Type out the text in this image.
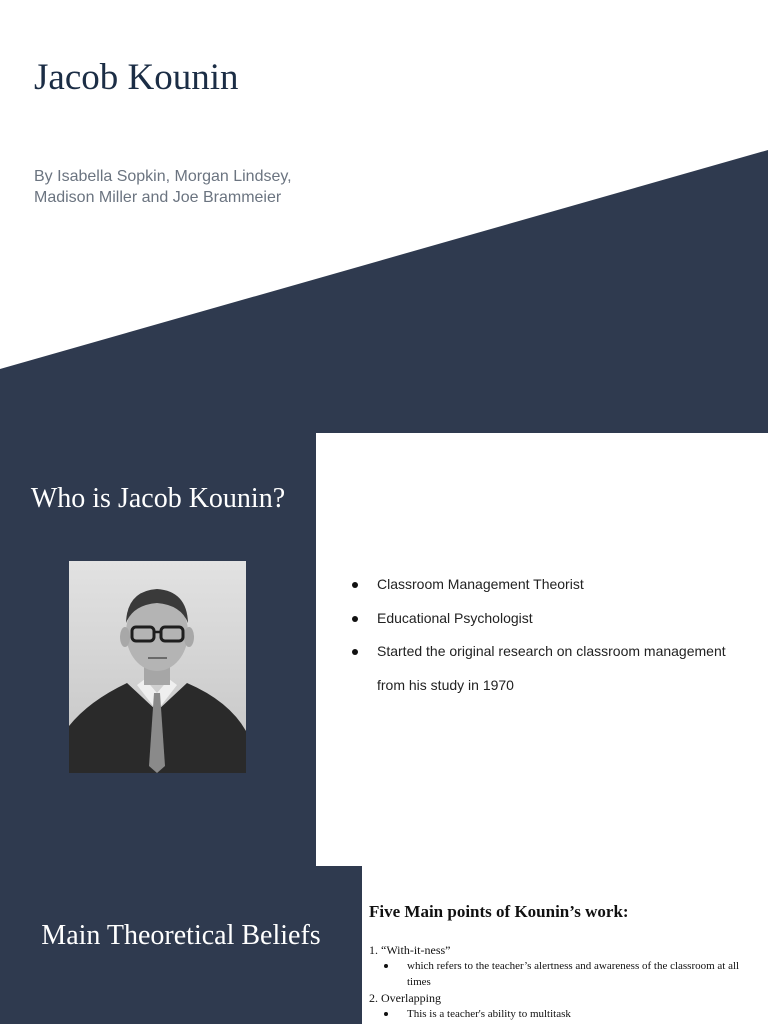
Jacob Kounin

By Isabella Sopkin, Morgan Lindsey, Madison Miller and Joe Brammeier

Who is Jacob Kounin?
Classroom Management Theorist
Educational Psychologist
Started the original research on classroom management from his study in 1970
Main Theoretical Beliefs

Five Main points of Kounin’s work:

1. “With-it-ness”
which refers to the teacher’s alertness and awareness of the classroom at all times
2. Overlapping
This is a teacher's ability to multitask
